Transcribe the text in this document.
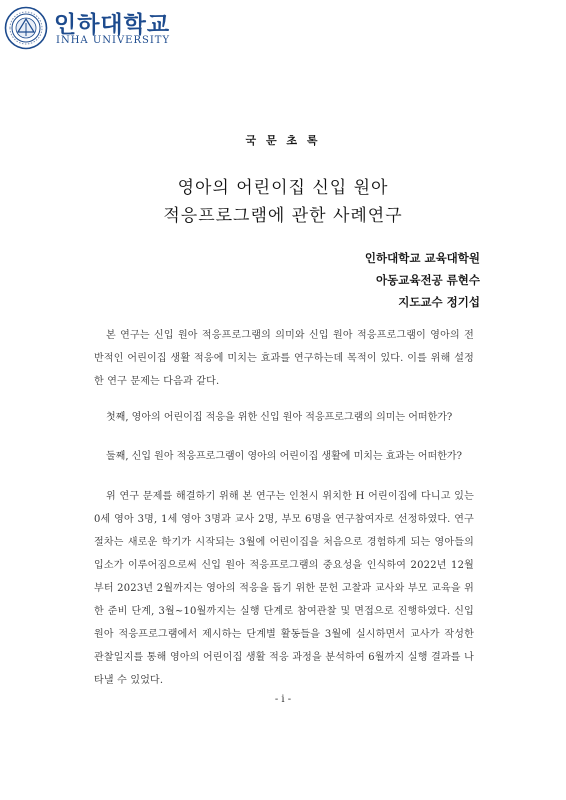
인하대학교
INHA UNIVERSITY
국 문 초 록
영아의 어린이집 신입 원아
적응프로그램에 관한 사례연구
인하대학교 교육대학원
아동교육전공 류현수
지도교수 정기섭
본 연구는 신입 원아 적응프로그램의 의미와 신입 원아 적응프로그램이 영아의 전반적인 어린이집 생활 적응에 미치는 효과를 연구하는데 목적이 있다. 이를 위해 설정한 연구 문제는 다음과 같다.
첫째, 영아의 어린이집 적응을 위한 신입 원아 적응프로그램의 의미는 어떠한가?
둘째, 신입 원아 적응프로그램이 영아의 어린이집 생활에 미치는 효과는 어떠한가?
위 연구 문제를 해결하기 위해 본 연구는 인천시 위치한 H 어린이집에 다니고 있는 0세 영아 3명, 1세 영아 3명과 교사 2명, 부모 6명을 연구참여자로 선정하였다. 연구 절차는 새로운 학기가 시작되는 3월에 어린이집을 처음으로 경험하게 되는 영아들의 입소가 이루어짐으로써 신입 원아 적응프로그램의 중요성을 인식하여 2022년 12월부터 2023년 2월까지는 영아의 적응을 돕기 위한 문헌 고찰과 교사와 부모 교육을 위한 준비 단계, 3월~10월까지는 실행 단계로 참여관찰 및 면접으로 진행하였다. 신입 원아 적응프로그램에서 제시하는 단계별 활동들을 3월에 실시하면서 교사가 작성한 관찰일지를 통해 영아의 어린이집 생활 적응 과정을 분석하여 6월까지 실행 결과를 나타낼 수 있었다.
- i -
